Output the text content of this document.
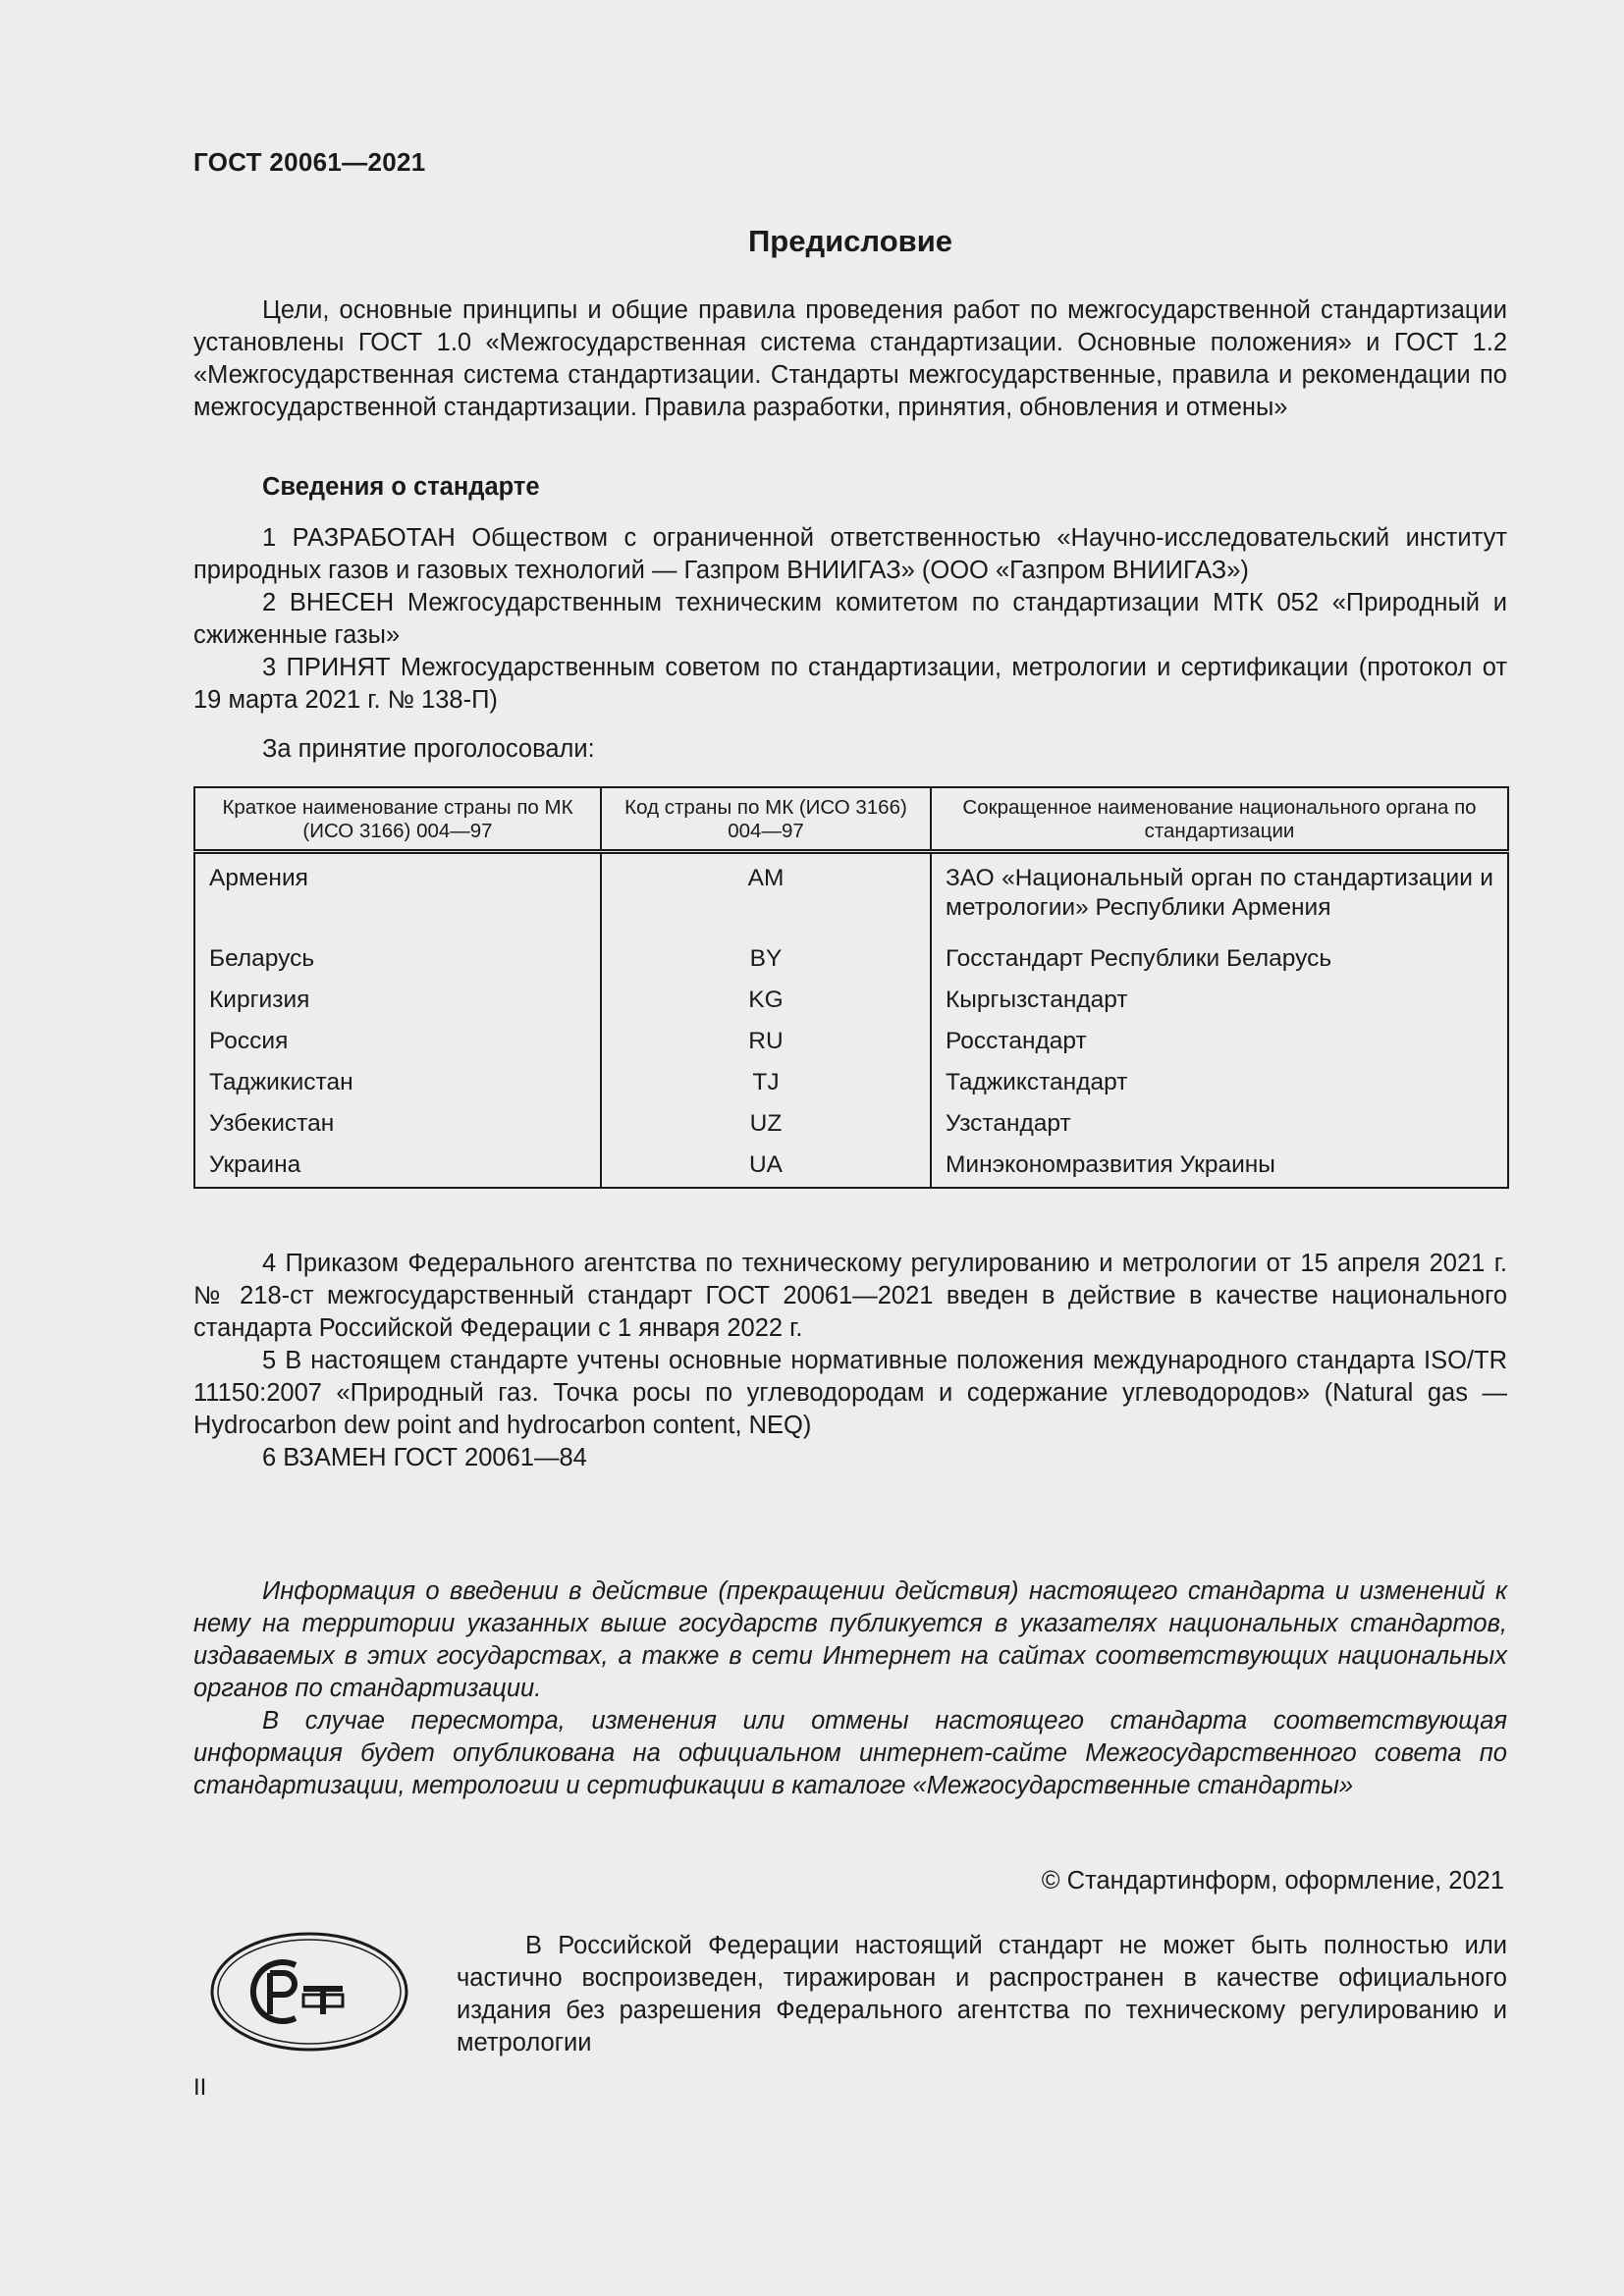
ГОСТ 20061—2021
Предисловие

Цели, основные принципы и общие правила проведения работ по межгосударственной стандартизации установлены ГОСТ 1.0 «Межгосударственная система стандартизации. Основные положения» и ГОСТ 1.2 «Межгосударственная система стандартизации. Стандарты межгосударственные, правила и рекомендации по межгосударственной стандартизации. Правила разработки, принятия, обновления и отмены»

Сведения о стандарте

1 РАЗРАБОТАН Обществом с ограниченной ответственностью «Научно-исследовательский институт природных газов и газовых технологий — Газпром ВНИИГАЗ» (ООО «Газпром ВНИИГАЗ»)

2 ВНЕСЕН Межгосударственным техническим комитетом по стандартизации МТК 052 «Природный и сжиженные газы»

3 ПРИНЯТ Межгосударственным советом по стандартизации, метрологии и сертификации (протокол от 19 марта 2021 г. № 138-П)

За принятие проголосовали:
Краткое наименование страны по МК (ИСО 3166) 004—97	Код страны по МК (ИСО 3166) 004—97	Сокращенное наименование национального органа по стандартизации
Армения	AM	ЗАО «Национальный орган по стандартизации и метрологии» Республики Армения
Беларусь	BY	Госстандарт Республики Беларусь
Киргизия	KG	Кыргызстандарт
Россия	RU	Росстандарт
Таджикистан	TJ	Таджикстандарт
Узбекистан	UZ	Узстандарт
Украина	UA	Минэкономразвития Украины

4 Приказом Федерального агентства по техническому регулированию и метрологии от 15 апреля 2021 г. № 218-ст межгосударственный стандарт ГОСТ 20061—2021 введен в действие в качестве национального стандарта Российской Федерации с 1 января 2022 г.

5 В настоящем стандарте учтены основные нормативные положения международного стандарта ISO/TR 11150:2007 «Природный газ. Точка росы по углеводородам и содержание углеводородов» (Natural gas — Hydrocarbon dew point and hydrocarbon content, NEQ)

6 ВЗАМЕН ГОСТ 20061—84

Информация о введении в действие (прекращении действия) настоящего стандарта и изменений к нему на территории указанных выше государств публикуется в указателях национальных стандартов, издаваемых в этих государствах, а также в сети Интернет на сайтах соответствующих национальных органов по стандартизации.

В случае пересмотра, изменения или отмены настоящего стандарта соответствующая информация будет опубликована на официальном интернет-сайте Межгосударственного совета по стандартизации, метрологии и сертификации в каталоге «Межгосударственные стандарты»

© Стандартинформ, оформление, 2021

В Российской Федерации настоящий стандарт не может быть полностью или частично воспроизведен, тиражирован и распространен в качестве официального издания без разрешения Федерального агентства по техническому регулированию и метрологии

II
